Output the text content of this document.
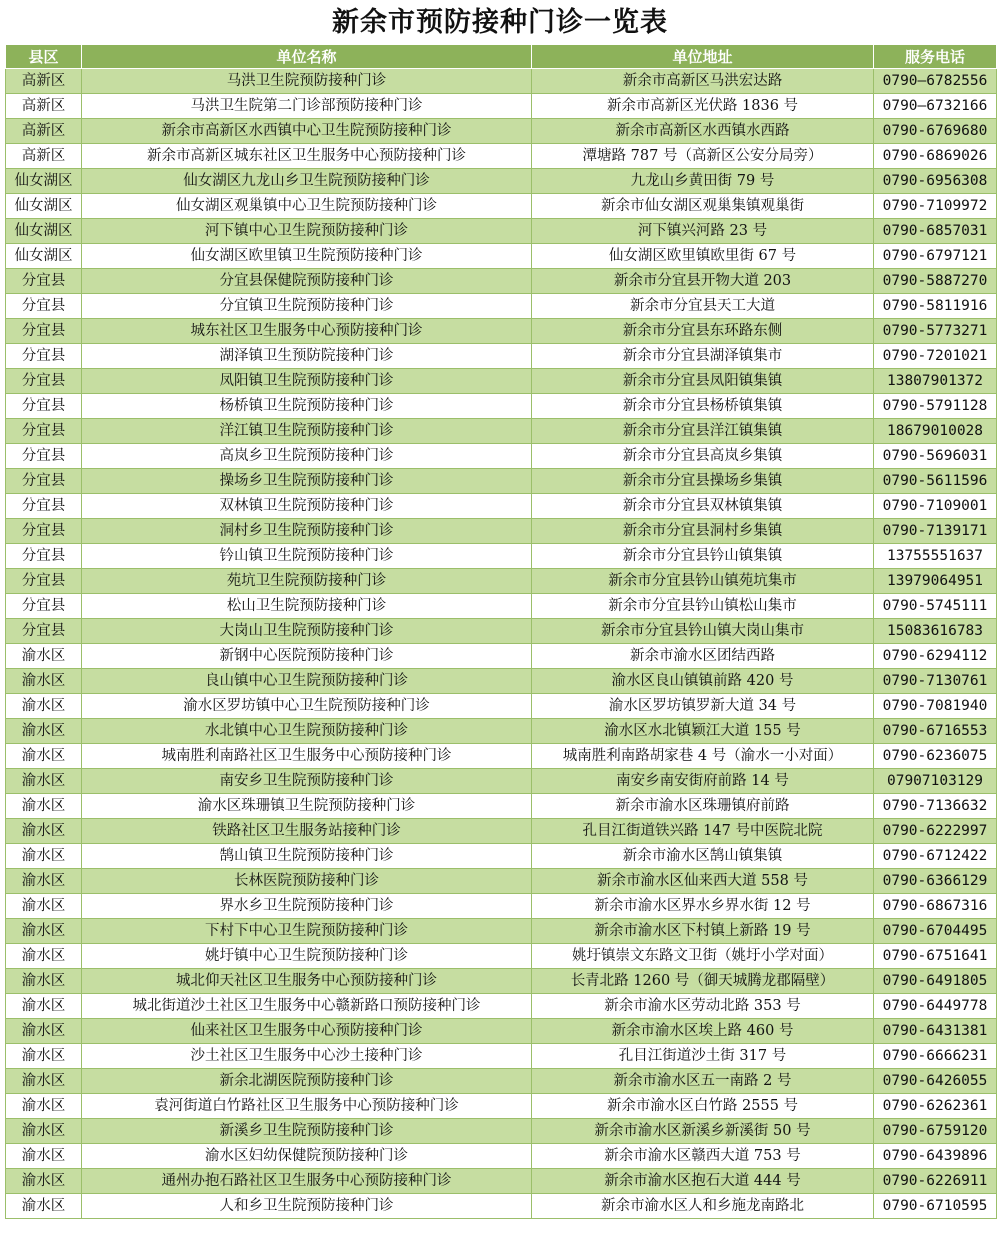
新余市预防接种门诊一览表
县区	单位名称	单位地址	服务电话
高新区	马洪卫生院预防接种门诊	新余市高新区马洪宏达路	0790—6782556
高新区	马洪卫生院第二门诊部预防接种门诊	新余市高新区光伏路 1836 号	0790—6732166
高新区	新余市高新区水西镇中心卫生院预防接种门诊	新余市高新区水西镇水西路	0790-6769680
高新区	新余市高新区城东社区卫生服务中心预防接种门诊	潭塘路 787 号（高新区公安分局旁）	0790-6869026
仙女湖区	仙女湖区九龙山乡卫生院预防接种门诊	九龙山乡黄田街 79 号	0790-6956308
仙女湖区	仙女湖区观巢镇中心卫生院预防接种门诊	新余市仙女湖区观巢集镇观巢街	0790-7109972
仙女湖区	河下镇中心卫生院预防接种门诊	河下镇兴河路 23 号	0790-6857031
仙女湖区	仙女湖区欧里镇卫生院预防接种门诊	仙女湖区欧里镇欧里街 67 号	0790-6797121
分宜县	分宜县保健院预防接种门诊	新余市分宜县开物大道 203	0790-5887270
分宜县	分宜镇卫生院预防接种门诊	新余市分宜县天工大道	0790-5811916
分宜县	城东社区卫生服务中心预防接种门诊	新余市分宜县东环路东侧	0790-5773271
分宜县	湖泽镇卫生预防院接种门诊	新余市分宜县湖泽镇集市	0790-7201021
分宜县	凤阳镇卫生院预防接种门诊	新余市分宜县凤阳镇集镇	13807901372
分宜县	杨桥镇卫生院预防接种门诊	新余市分宜县杨桥镇集镇	0790-5791128
分宜县	洋江镇卫生院预防接种门诊	新余市分宜县洋江镇集镇	18679010028
分宜县	高岚乡卫生院预防接种门诊	新余市分宜县高岚乡集镇	0790-5696031
分宜县	操场乡卫生院预防接种门诊	新余市分宜县操场乡集镇	0790-5611596
分宜县	双林镇卫生院预防接种门诊	新余市分宜县双林镇集镇	0790-7109001
分宜县	洞村乡卫生院预防接种门诊	新余市分宜县洞村乡集镇	0790-7139171
分宜县	钤山镇卫生院预防接种门诊	新余市分宜县钤山镇集镇	13755551637
分宜县	苑坑卫生院预防接种门诊	新余市分宜县钤山镇苑坑集市	13979064951
分宜县	松山卫生院预防接种门诊	新余市分宜县钤山镇松山集市	0790-5745111
分宜县	大岗山卫生院预防接种门诊	新余市分宜县钤山镇大岗山集市	15083616783
渝水区	新钢中心医院预防接种门诊	新余市渝水区团结西路	0790-6294112
渝水区	良山镇中心卫生院预防接种门诊	渝水区良山镇镇前路 420 号	0790-7130761
渝水区	渝水区罗坊镇中心卫生院预防接种门诊	渝水区罗坊镇罗新大道 34 号	0790-7081940
渝水区	水北镇中心卫生院预防接种门诊	渝水区水北镇颖江大道 155 号	0790-6716553
渝水区	城南胜利南路社区卫生服务中心预防接种门诊	城南胜利南路胡家巷 4 号（渝水一小对面）	0790-6236075
渝水区	南安乡卫生院预防接种门诊	南安乡南安街府前路 14 号	07907103129
渝水区	渝水区珠珊镇卫生院预防接种门诊	新余市渝水区珠珊镇府前路	0790-7136632
渝水区	铁路社区卫生服务站接种门诊	孔目江街道铁兴路 147 号中医院北院	0790-6222997
渝水区	鹄山镇卫生院预防接种门诊	新余市渝水区鹄山镇集镇	0790-6712422
渝水区	长林医院预防接种门诊	新余市渝水区仙来西大道 558 号	0790-6366129
渝水区	界水乡卫生院预防接种门诊	新余市渝水区界水乡界水街 12 号	0790-6867316
渝水区	下村下中心卫生院预防接种门诊	新余市渝水区下村镇上新路 19 号	0790-6704495
渝水区	姚圩镇中心卫生院预防接种门诊	姚圩镇崇文东路文卫街（姚圩小学对面）	0790-6751641
渝水区	城北仰天社区卫生服务中心预防接种门诊	长青北路 1260 号（御天城腾龙郡隔壁）	0790-6491805
渝水区	城北街道沙土社区卫生服务中心赣新路口预防接种门诊	新余市渝水区劳动北路 353 号	0790-6449778
渝水区	仙来社区卫生服务中心预防接种门诊	新余市渝水区埃上路 460 号	0790-6431381
渝水区	沙土社区卫生服务中心沙土接种门诊	孔目江街道沙土街 317 号	0790-6666231
渝水区	新余北湖医院预防接种门诊	新余市渝水区五一南路 2 号	0790-6426055
渝水区	袁河街道白竹路社区卫生服务中心预防接种门诊	新余市渝水区白竹路 2555 号	0790-6262361
渝水区	新溪乡卫生院预防接种门诊	新余市渝水区新溪乡新溪街 50 号	0790-6759120
渝水区	渝水区妇幼保健院预防接种门诊	新余市渝水区赣西大道 753 号	0790-6439896
渝水区	通州办抱石路社区卫生服务中心预防接种门诊	新余市渝水区抱石大道 444 号	0790-6226911
渝水区	人和乡卫生院预防接种门诊	新余市渝水区人和乡施龙南路北	0790-6710595
